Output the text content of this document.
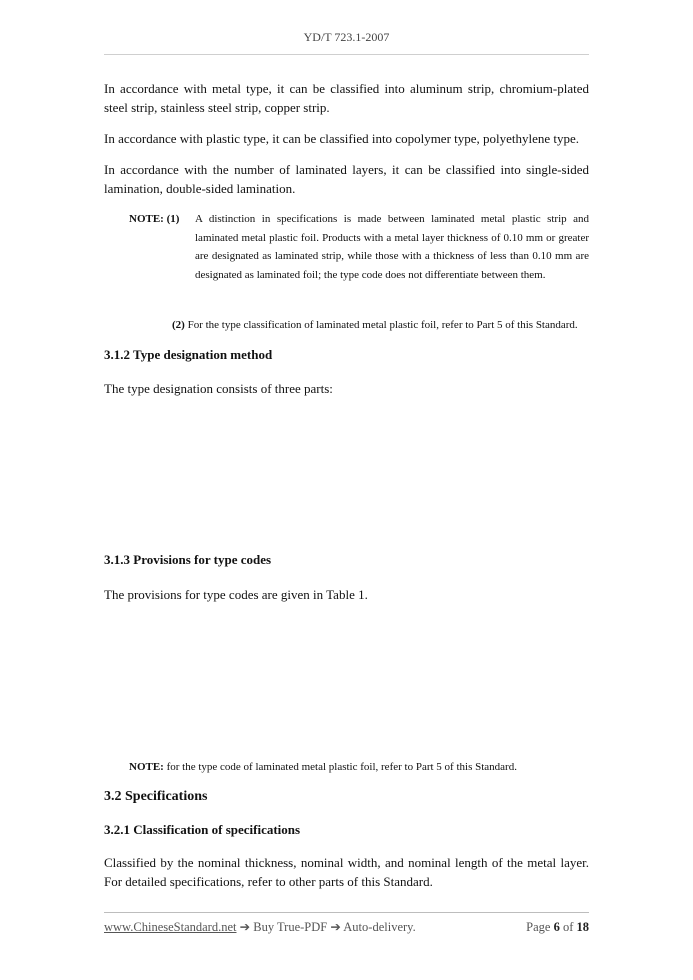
YD/T 723.1-2007

In accordance with metal type, it can be classified into aluminum strip, chromium-plated steel strip, stainless steel strip, copper strip.

In accordance with plastic type, it can be classified into copolymer type, polyethylene type.

In accordance with the number of laminated layers, it can be classified into single-sided lamination, double-sided lamination.

NOTE: (1)	A distinction in specifications is made between laminated metal plastic strip and laminated metal plastic foil. Products with a metal layer thickness of 0.10 mm or greater are designated as laminated strip, while those with a thickness of less than 0.10 mm are designated as laminated foil; the type code does not differentiate between them.
(2) For the type classification of laminated metal plastic foil, refer to Part 5 of this Standard.
3.1.2 Type designation method

The type designation consists of three parts:

3.1.3 Provisions for type codes

The provisions for type codes are given in Table 1.

NOTE: for the type code of laminated metal plastic foil, refer to Part 5 of this Standard.
3.2 Specifications
3.2.1 Classification of specifications

Classified by the nominal thickness, nominal width, and nominal length of the metal layer. For detailed specifications, refer to other parts of this Standard.

www.ChineseStandard.net ➔ Buy True-PDF ➔ Auto-delivery.	Page 6 of 18
